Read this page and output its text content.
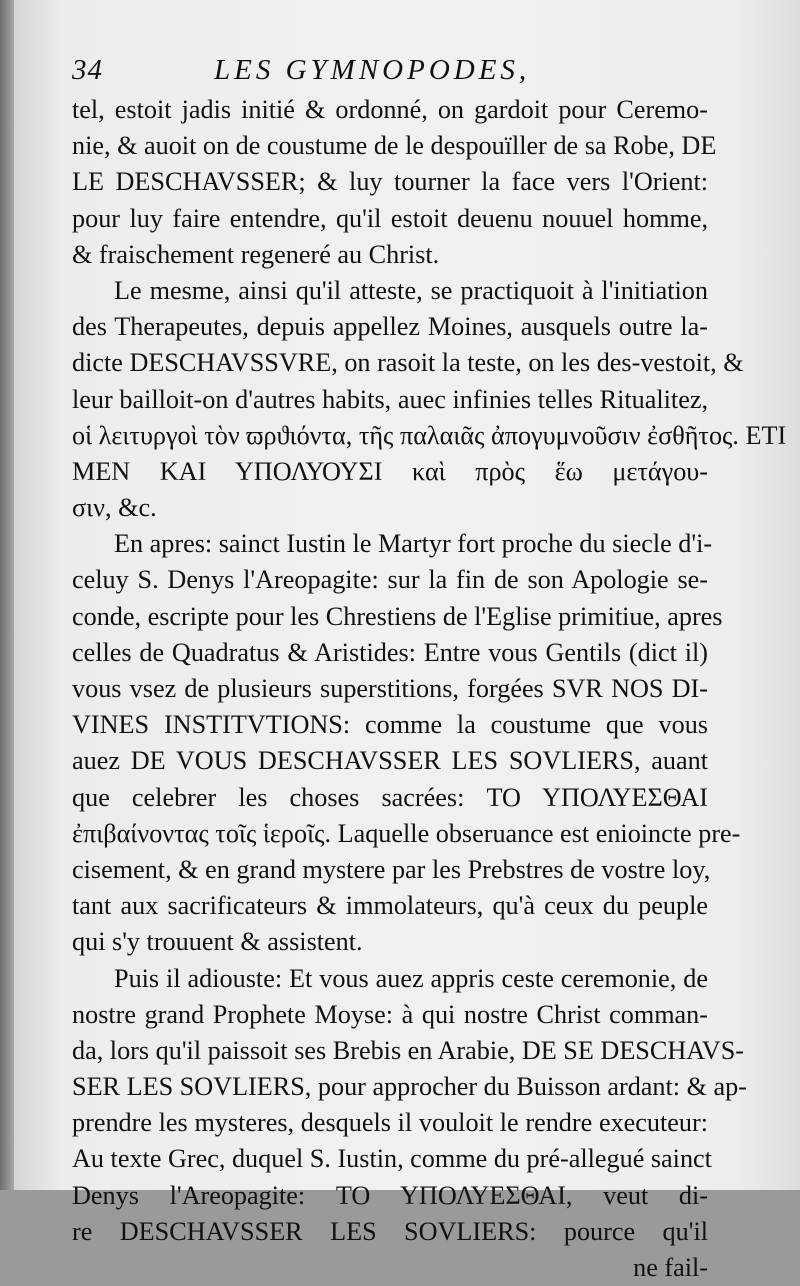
34	LES GYMNOPODES,
tel, estoit jadis initié & ordonné, on gardoit pour Ceremo-
nie, & auoit on de coustume de le despouïller de sa Robe, DE
LE DESCHAVSSER; & luy tourner la face vers l'Orient:
pour luy faire entendre, qu'il estoit deuenu nouuel homme,
& fraischement regeneré au Christ.
Le mesme, ainsi qu'il atteste, se practiquoit à l'initiation
des Therapeutes, depuis appellez Moines, ausquels outre la-
dicte DESCHAVSSVRE, on rasoit la teste, on les des-vestoit, &
leur bailloit-on d'autres habits, auec infinies telles Ritualitez,
οἱ λειτυργοὶ τὸν ϖρϑιόντα, τῆς παλαιᾶς ἀπογυμνοῦσιν ἐσθῆτος. ΕΤΙ
ΜΕΝ ΚΑΙ ΥΠΟΛΥΟΥΣΙ καὶ πρὸς ἕω μετάγου-
σιν, &c.
En apres: sainct Iustin le Martyr fort proche du siecle d'i-
celuy S. Denys l'Areopagite: sur la fin de son Apologie se-
conde, escripte pour les Chrestiens de l'Eglise primitiue, apres
celles de Quadratus & Aristides: Entre vous Gentils (dict il)
vous vsez de plusieurs superstitions, forgées SVR NOS DI-
VINES INSTITVTIONS: comme la coustume que vous
auez DE VOUS DESCHAVSSER LES SOVLIERS, auant
que celebrer les choses sacrées: ΤΟ ΥΠΟΛΥΕΣΘΑΙ
ἐπιβαίνοντας τοῖς ἱεροῖς. Laquelle obseruance est enioincte pre-
cisement, & en grand mystere par les Prebstres de vostre loy,
tant aux sacrificateurs & immolateurs, qu'à ceux du peuple
qui s'y trouuent & assistent.
Puis il adiouste: Et vous auez appris ceste ceremonie, de
nostre grand Prophete Moyse: à qui nostre Christ comman-
da, lors qu'il paissoit ses Brebis en Arabie, DE SE DESCHAVS-
SER LES SOVLIERS, pour approcher du Buisson ardant: & ap-
prendre les mysteres, desquels il vouloit le rendre executeur:
Au texte Grec, duquel S. Iustin, comme du pré-allegué sainct
Denys l'Areopagite: ΤΟ ΥΠΟΛΥΕΣΘΑΙ, veut di-
re DESCHAVSSER LES SOVLIERS: pource qu'il
ne fail-
